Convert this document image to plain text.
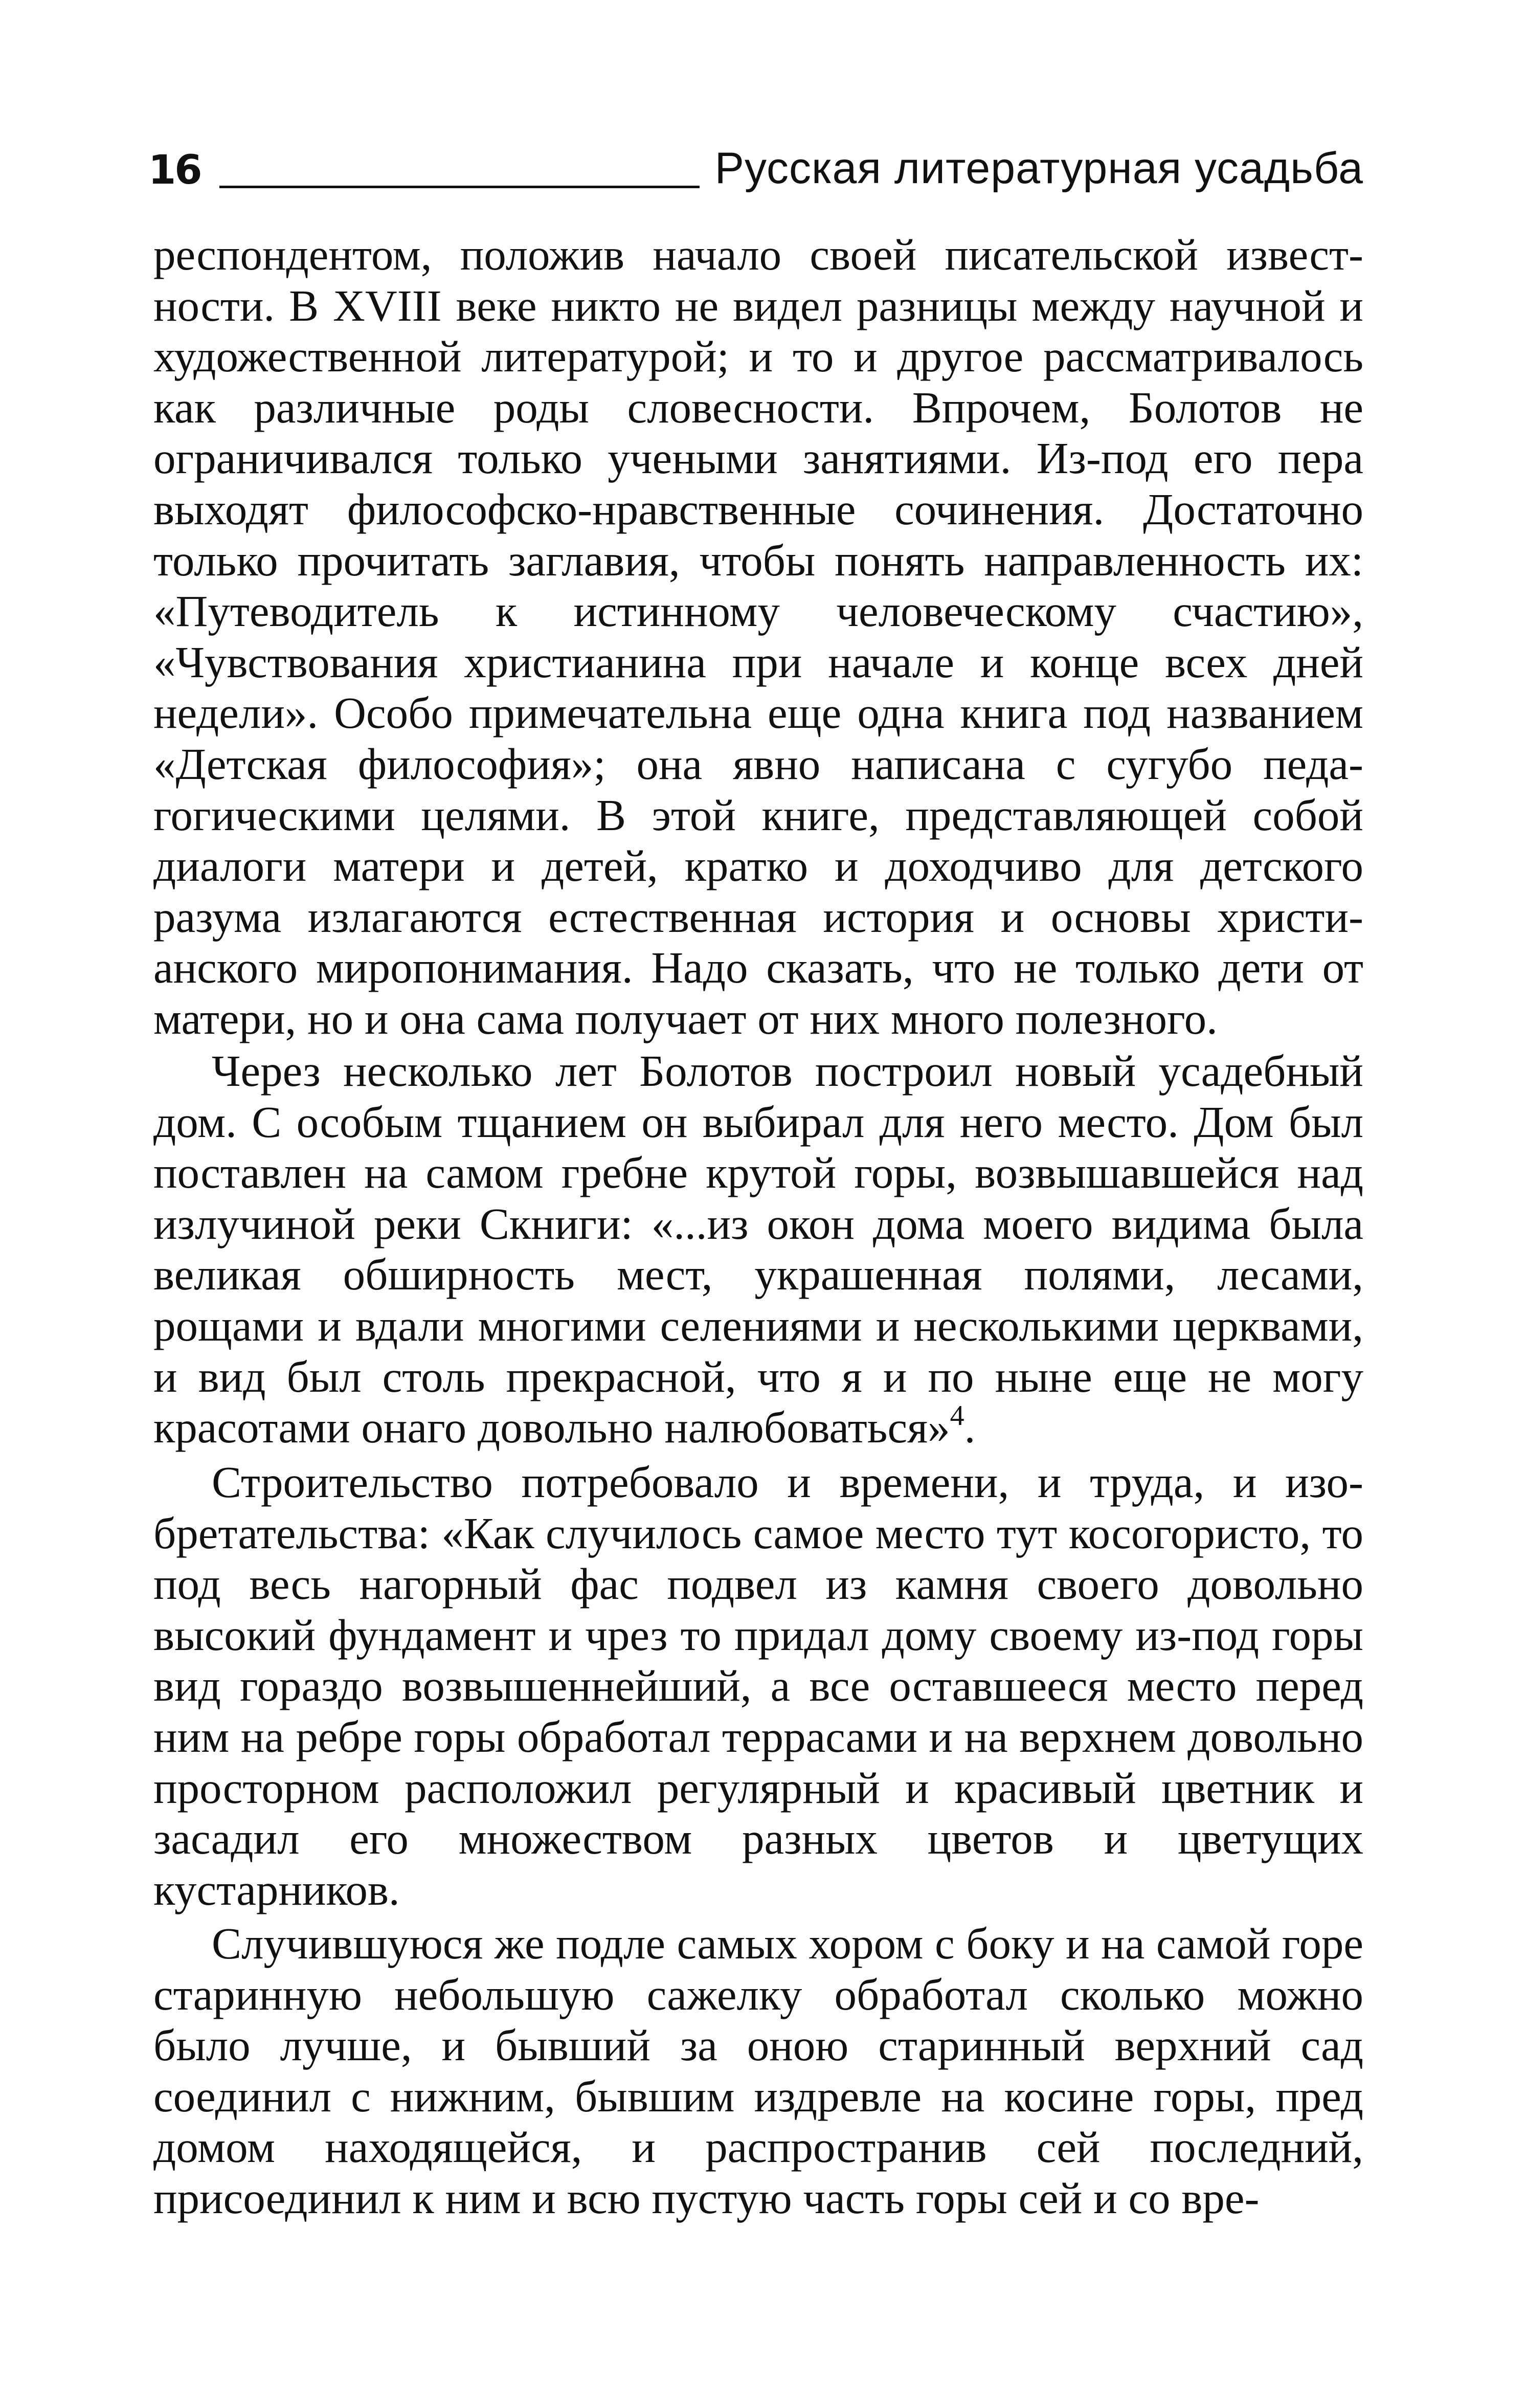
16	Русская литературная усадьба

респондентом, положив начало своей писательской известности. В XVIII веке никто не видел разницы между научной и художественной литературой; и то и другое рассматривалось как различные роды словесности. Впрочем, Болотов не ограничивался только учеными занятиями. Из-под его пера выходят философско-нравственные сочинения. Достаточно только прочитать заглавия, чтобы понять направленность их: «Путеводитель к истинному человеческому счастию», «Чувствования христианина при начале и конце всех дней недели». Особо примечательна еще одна книга под названием «Детская философия»; она явно написана с сугубо педагогическими целями. В этой книге, представляющей собой диалоги матери и детей, кратко и доходчиво для детского разума излагаются естественная история и основы христианского миропонимания. Надо сказать, что не только дети от матери, но и она сама получает от них много полезного.

Через несколько лет Болотов построил новый усадебный дом. С особым тщанием он выбирал для него место. Дом был поставлен на самом гребне крутой горы, возвышавшейся над излучиной реки Скниги: «...из окон дома моего видима была великая обширность мест, украшенная полями, лесами, рощами и вдали многими селениями и несколькими церквами, и вид был столь прекрасной, что я и по ныне еще не могу красотами онаго довольно налюбоваться»$^4$.

Строительство потребовало и времени, и труда, и изобретательства: «Как случилось самое место тут косогористо, то под весь нагорный фас подвел из камня своего довольно высокий фундамент и чрез то придал дому своему из-под горы вид гораздо возвышеннейший, а все оставшееся место перед ним на ребре горы обработал террасами и на верхнем довольно просторном расположил регулярный и красивый цветник и засадил его множеством разных цветов и цветущих кустарников.

Случившуюся же подле самых хором с боку и на самой горе старинную небольшую сажелку обработал сколько можно было лучше, и бывший за оною старинный верхний сад соединил с нижним, бывшим издревле на косине горы, пред домом находящейся, и распространив сей последний, присоединил к ним и всю пустую часть горы сей и со вре-
